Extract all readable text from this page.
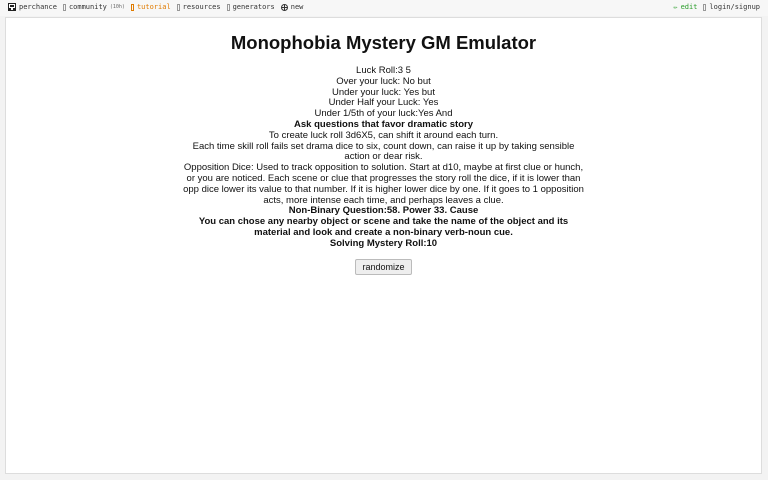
perchance community (10h) tutorial resources generators new	✏ edit login/signup
Monophobia Mystery GM Emulator
Luck Roll:3 5
Over your luck: No but
Under your luck: Yes but
Under Half your Luck: Yes
Under 1/5th of your luck:Yes And
Ask questions that favor dramatic story
To create luck roll 3d6X5, can shift it around each turn.
Each time skill roll fails set drama dice to six, count down, can raise it up by taking sensible action or dear risk.
Opposition Dice: Used to track opposition to solution. Start at d10, maybe at first clue or hunch, or you are noticed. Each scene or clue that progresses the story roll the dice, if it is lower than opp dice lower its value to that number. If it is higher lower dice by one. If it goes to 1 opposition acts, more intense each time, and perhaps leaves a clue.
Non-Binary Question:58. Power 33. Cause
You can chose any nearby object or scene and take the name of the object and its material and look and create a non-binary verb-noun cue.
Solving Mystery Roll:10
randomize
